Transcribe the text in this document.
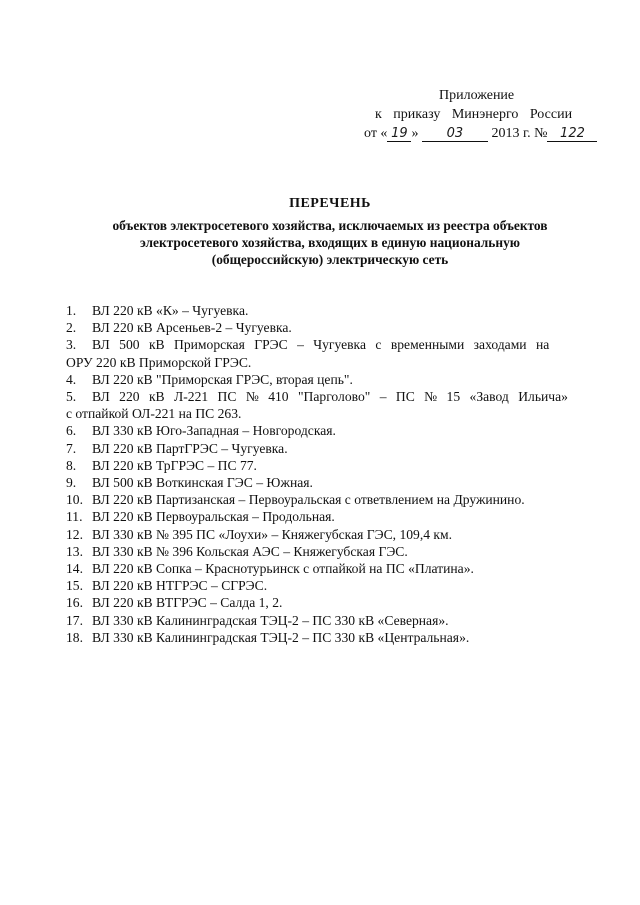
Приложение
к приказу Минэнерго России
от « 19 » 03 2013 г. № 122
ПЕРЕЧЕНЬ
объектов электросетевого хозяйства, исключаемых из реестра объектов
электросетевого хозяйства, входящих в единую национальную
(общероссийскую) электрическую сеть
1. ВЛ 220 кВ «К» – Чугуевка.
2. ВЛ 220 кВ Арсеньев-2 – Чугуевка.
3. ВЛ 500 кВ Приморская ГРЭС – Чугуевка с временными заходами на
ОРУ 220 кВ Приморской ГРЭС.
4. ВЛ 220 кВ "Приморская ГРЭС, вторая цепь".
5. ВЛ 220 кВ Л-221 ПС № 410 "Парголово" – ПС № 15 «Завод Ильича»
с отпайкой ОЛ-221 на ПС 263.
6. ВЛ 330 кВ Юго-Западная – Новгородская.
7. ВЛ 220 кВ ПартГРЭС – Чугуевка.
8. ВЛ 220 кВ ТрГРЭС – ПС 77.
9. ВЛ 500 кВ Воткинская ГЭС – Южная.
10. ВЛ 220 кВ Партизанская – Первоуральская с ответвлением на Дружинино.
11. ВЛ 220 кВ Первоуральская – Продольная.
12. ВЛ 330 кВ № 395 ПС «Лоухи» – Княжегубская ГЭС, 109,4 км.
13. ВЛ 330 кВ № 396 Кольская АЭС – Княжегубская ГЭС.
14. ВЛ 220 кВ Сопка – Краснотурьинск с отпайкой на ПС «Платина».
15. ВЛ 220 кВ НТГРЭС – СГРЭС.
16. ВЛ 220 кВ ВТГРЭС – Салда 1, 2.
17. ВЛ 330 кВ Калининградская ТЭЦ-2 – ПС 330 кВ «Северная».
18. ВЛ 330 кВ Калининградская ТЭЦ-2 – ПС 330 кВ «Центральная».
